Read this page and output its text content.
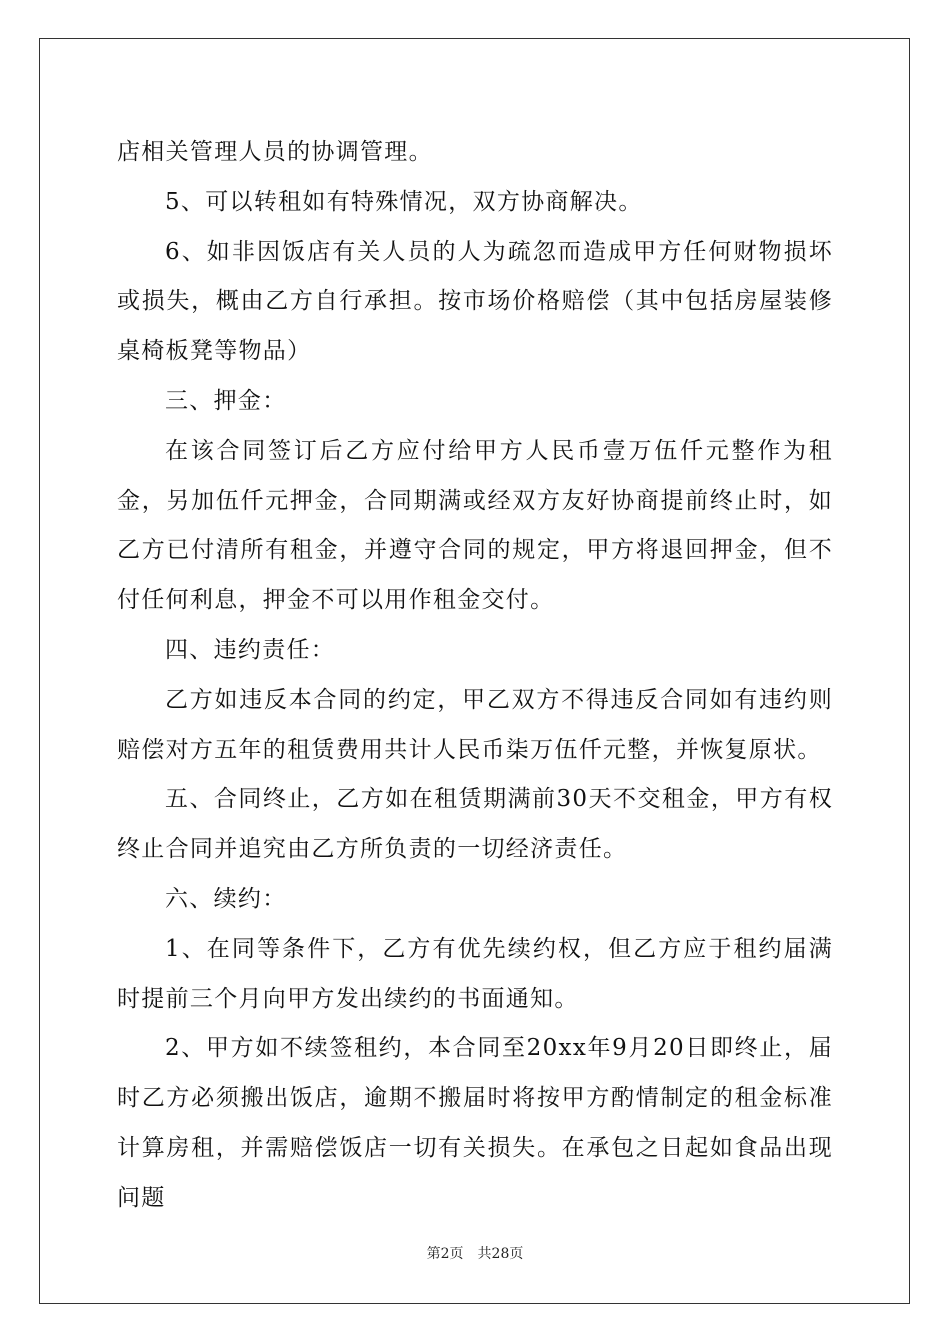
店相关管理人员的协调管理。

5、可以转租如有特殊情况，双方协商解决。

6、如非因饭店有关人员的人为疏忽而造成甲方任何财物损坏或损失，概由乙方自行承担。按市场价格赔偿（其中包括房屋装修桌椅板凳等物品）

三、押金：

在该合同签订后乙方应付给甲方人民币壹万伍仟元整作为租金，另加伍仟元押金，合同期满或经双方友好协商提前终止时，如乙方已付清所有租金，并遵守合同的规定，甲方将退回押金，但不付任何利息，押金不可以用作租金交付。

四、违约责任：

乙方如违反本合同的约定，甲乙双方不得违反合同如有违约则赔偿对方五年的租赁费用共计人民币柒万伍仟元整，并恢复原状。

五、合同终止，乙方如在租赁期满前30天不交租金，甲方有权终止合同并追究由乙方所负责的一切经济责任。

六、续约：

1、在同等条件下，乙方有优先续约权，但乙方应于租约届满时提前三个月向甲方发出续约的书面通知。

2、甲方如不续签租约，本合同至20xx年9月20日即终止，届时乙方必须搬出饭店，逾期不搬届时将按甲方酌情制定的租金标准计算房租，并需赔偿饭店一切有关损失。在承包之日起如食品出现问题

第2页 共28页
